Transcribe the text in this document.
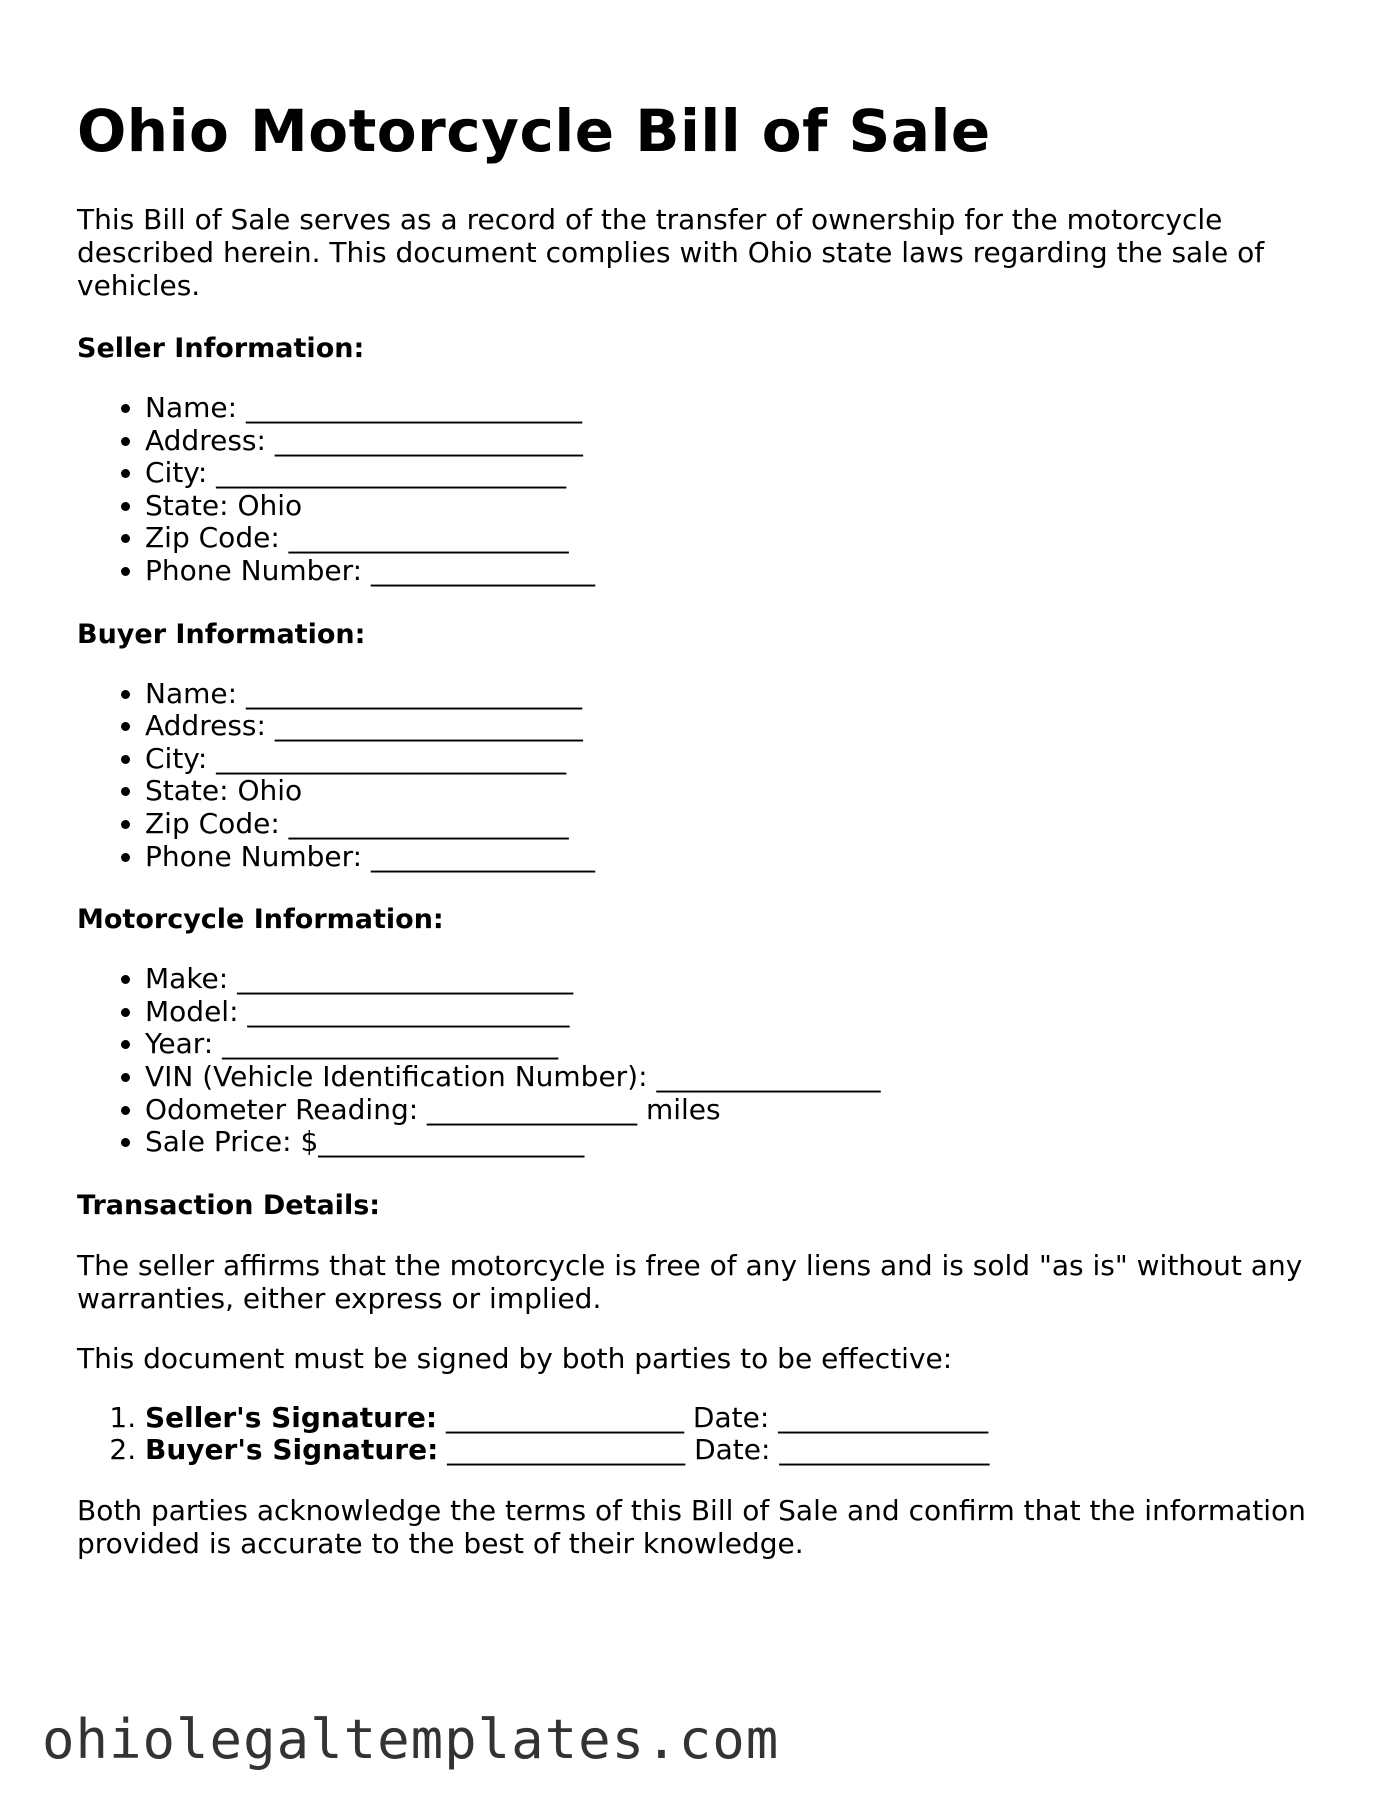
Ohio Motorcycle Bill of Sale

This Bill of Sale serves as a record of the transfer of ownership for the motorcycle described herein. This document complies with Ohio state laws regarding the sale of vehicles.

Seller Information:

• Name: ________________________
• Address: ______________________
• City: _________________________
• State: Ohio
• Zip Code: ____________________
• Phone Number: ________________

Buyer Information:

• Name: ________________________
• Address: ______________________
• City: _________________________
• State: Ohio
• Zip Code: ____________________
• Phone Number: ________________

Motorcycle Information:

• Make: ________________________
• Model: _______________________
• Year: ________________________
• VIN (Vehicle Identification Number): ________________
• Odometer Reading: _______________ miles
• Sale Price: $___________________

Transaction Details:

The seller affirms that the motorcycle is free of any liens and is sold "as is" without any warranties, either express or implied.

This document must be signed by both parties to be effective:

1. Seller's Signature: _________________ Date: _______________
2. Buyer's Signature: _________________ Date: _______________

Both parties acknowledge the terms of this Bill of Sale and confirm that the information provided is accurate to the best of their knowledge.

ohiolegaltemplates.com
